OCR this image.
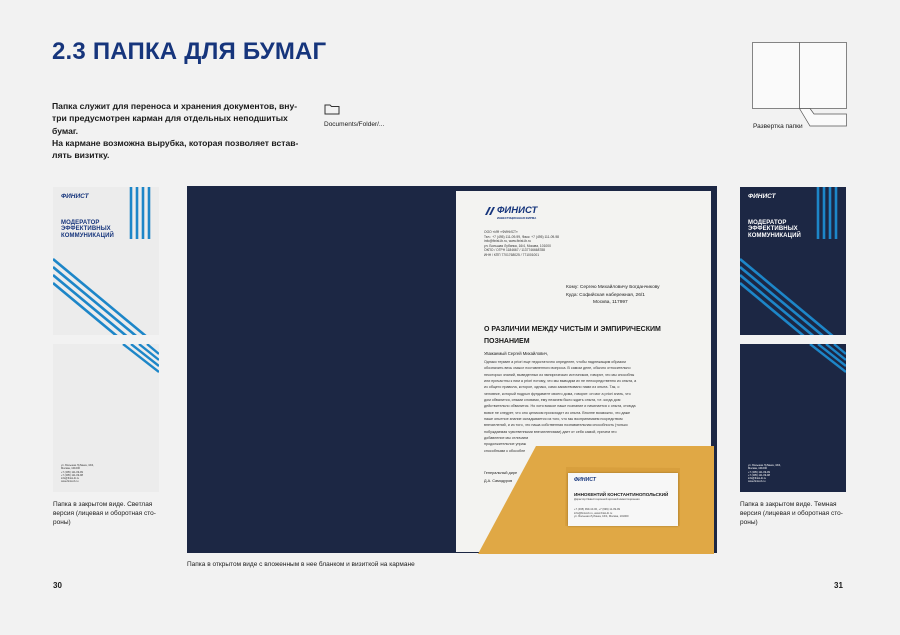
2.3 ПАПКА ДЛЯ БУМАГ
Папка служит для переноса и хранения документов, вну-
три предусмотрен карман для отдельных неподшитых бумаг.
На кармане возможна вырубка, которая позволяет встав-
лять визитку.
Documents/Folder/...	Развертка папки
ФИНИСТ
МОДЕРАТОР
ЭФФЕКТИВНЫХ
КОММУНИКАЦИЙ
ул. Большая Лубянка, 16/4,
Москва, 101000
+7 (495) 111-09-99
+7 (495) 111-09-98
info@finist-ib.ru
www.finist-ib.ru
Папка в закрытом виде. Светлая
версия (лицевая и оборотная сто-
роны)
ФИНИСТ
ИНВЕСТИЦИОННАЯ ФИРМА
ООО «ИФ «ФИНИСТ»
Тел.: +7 (495) 111-09-99, Факс: +7 (495) 111-09-98
info@finist-ib.ru, www.finist-ib.ru
ул. Большая Лубянка, 16/4, Москва, 101000
ОКПО / ОГРН 1184667 / 1137746668788
ИНН / КПП 7701768025 / 771001001
Кому: Сергею Михайловичу Богданчикову
Куда: Софийская набережная, 26/1
Москва, 117997
О РАЗЛИЧИИ МЕЖДУ ЧИСТЫМ И ЭМПИРИЧЕСКИМ ПОЗНАНИЕМ
Уважаемый Сергей Михайлович,
Однако термин a priori еще недостаточно определен, чтобы надлежащим образом
обозначить весь смысл поставленного вопроса. В самом деле, обычно относительно
некоторых знаний, выведенных из эмпирических источников, говорят, что мы способны
или причастны к ним a priori потому, что мы выводим их не непосредственно из опыта, а
из общего правила, которое, однако, само заимствовано нами из опыта. Так, о
человеке, который подрыл фундамент своего дома, говорят: он мог a priori знать, что
дом обвалится, иными словами, ему незачем было ждать опыта, т.е. когда дом
действительно обвалится. Но хотя всякое наше познание и начинается с опыта, отсюда
вовсе не следует, что оно целиком происходит из опыта. Вполне возможно, что даже
наше опытное знание складывается из того, что мы воспринимаем посредством
впечатлений, и из того, что наша собственная познавательная способность (только
побуждаемая чувственными впечатлениями) дает от себя самой, причем это
добавление мы отличаем
продолжительное упраж
способными к обособле
Генеральный дире
Д.А. Самодуров	ФИНИСТ
ИННОКЕНТИЙ КОНСТАНТИНОПОЛЬСКИЙ
Директор Инвестиционной арочной инвестиционная
+7 (495) 999-10-00, +7 (999) 11-09-99
info@finist-ib.ru, www.finist-ib.ru
ул. Большая Лубянка, 16/4, Москва, 101000
Папка в открытом виде с вложенным в нее бланком и визиткой на кармане
ФИНИСТ
МОДЕРАТОР
ЭФФЕКТИВНЫХ
КОММУНИКАЦИЙ
ул. Большая Лубянка, 16/4,
Москва, 101000
+7 (495) 111-09-99
+7 (495) 111-09-98
info@finist-ib.ru
www.finist-ib.ru
Папка в закрытом виде. Темная
версия (лицевая и оборотная сто-
роны)
30	31
